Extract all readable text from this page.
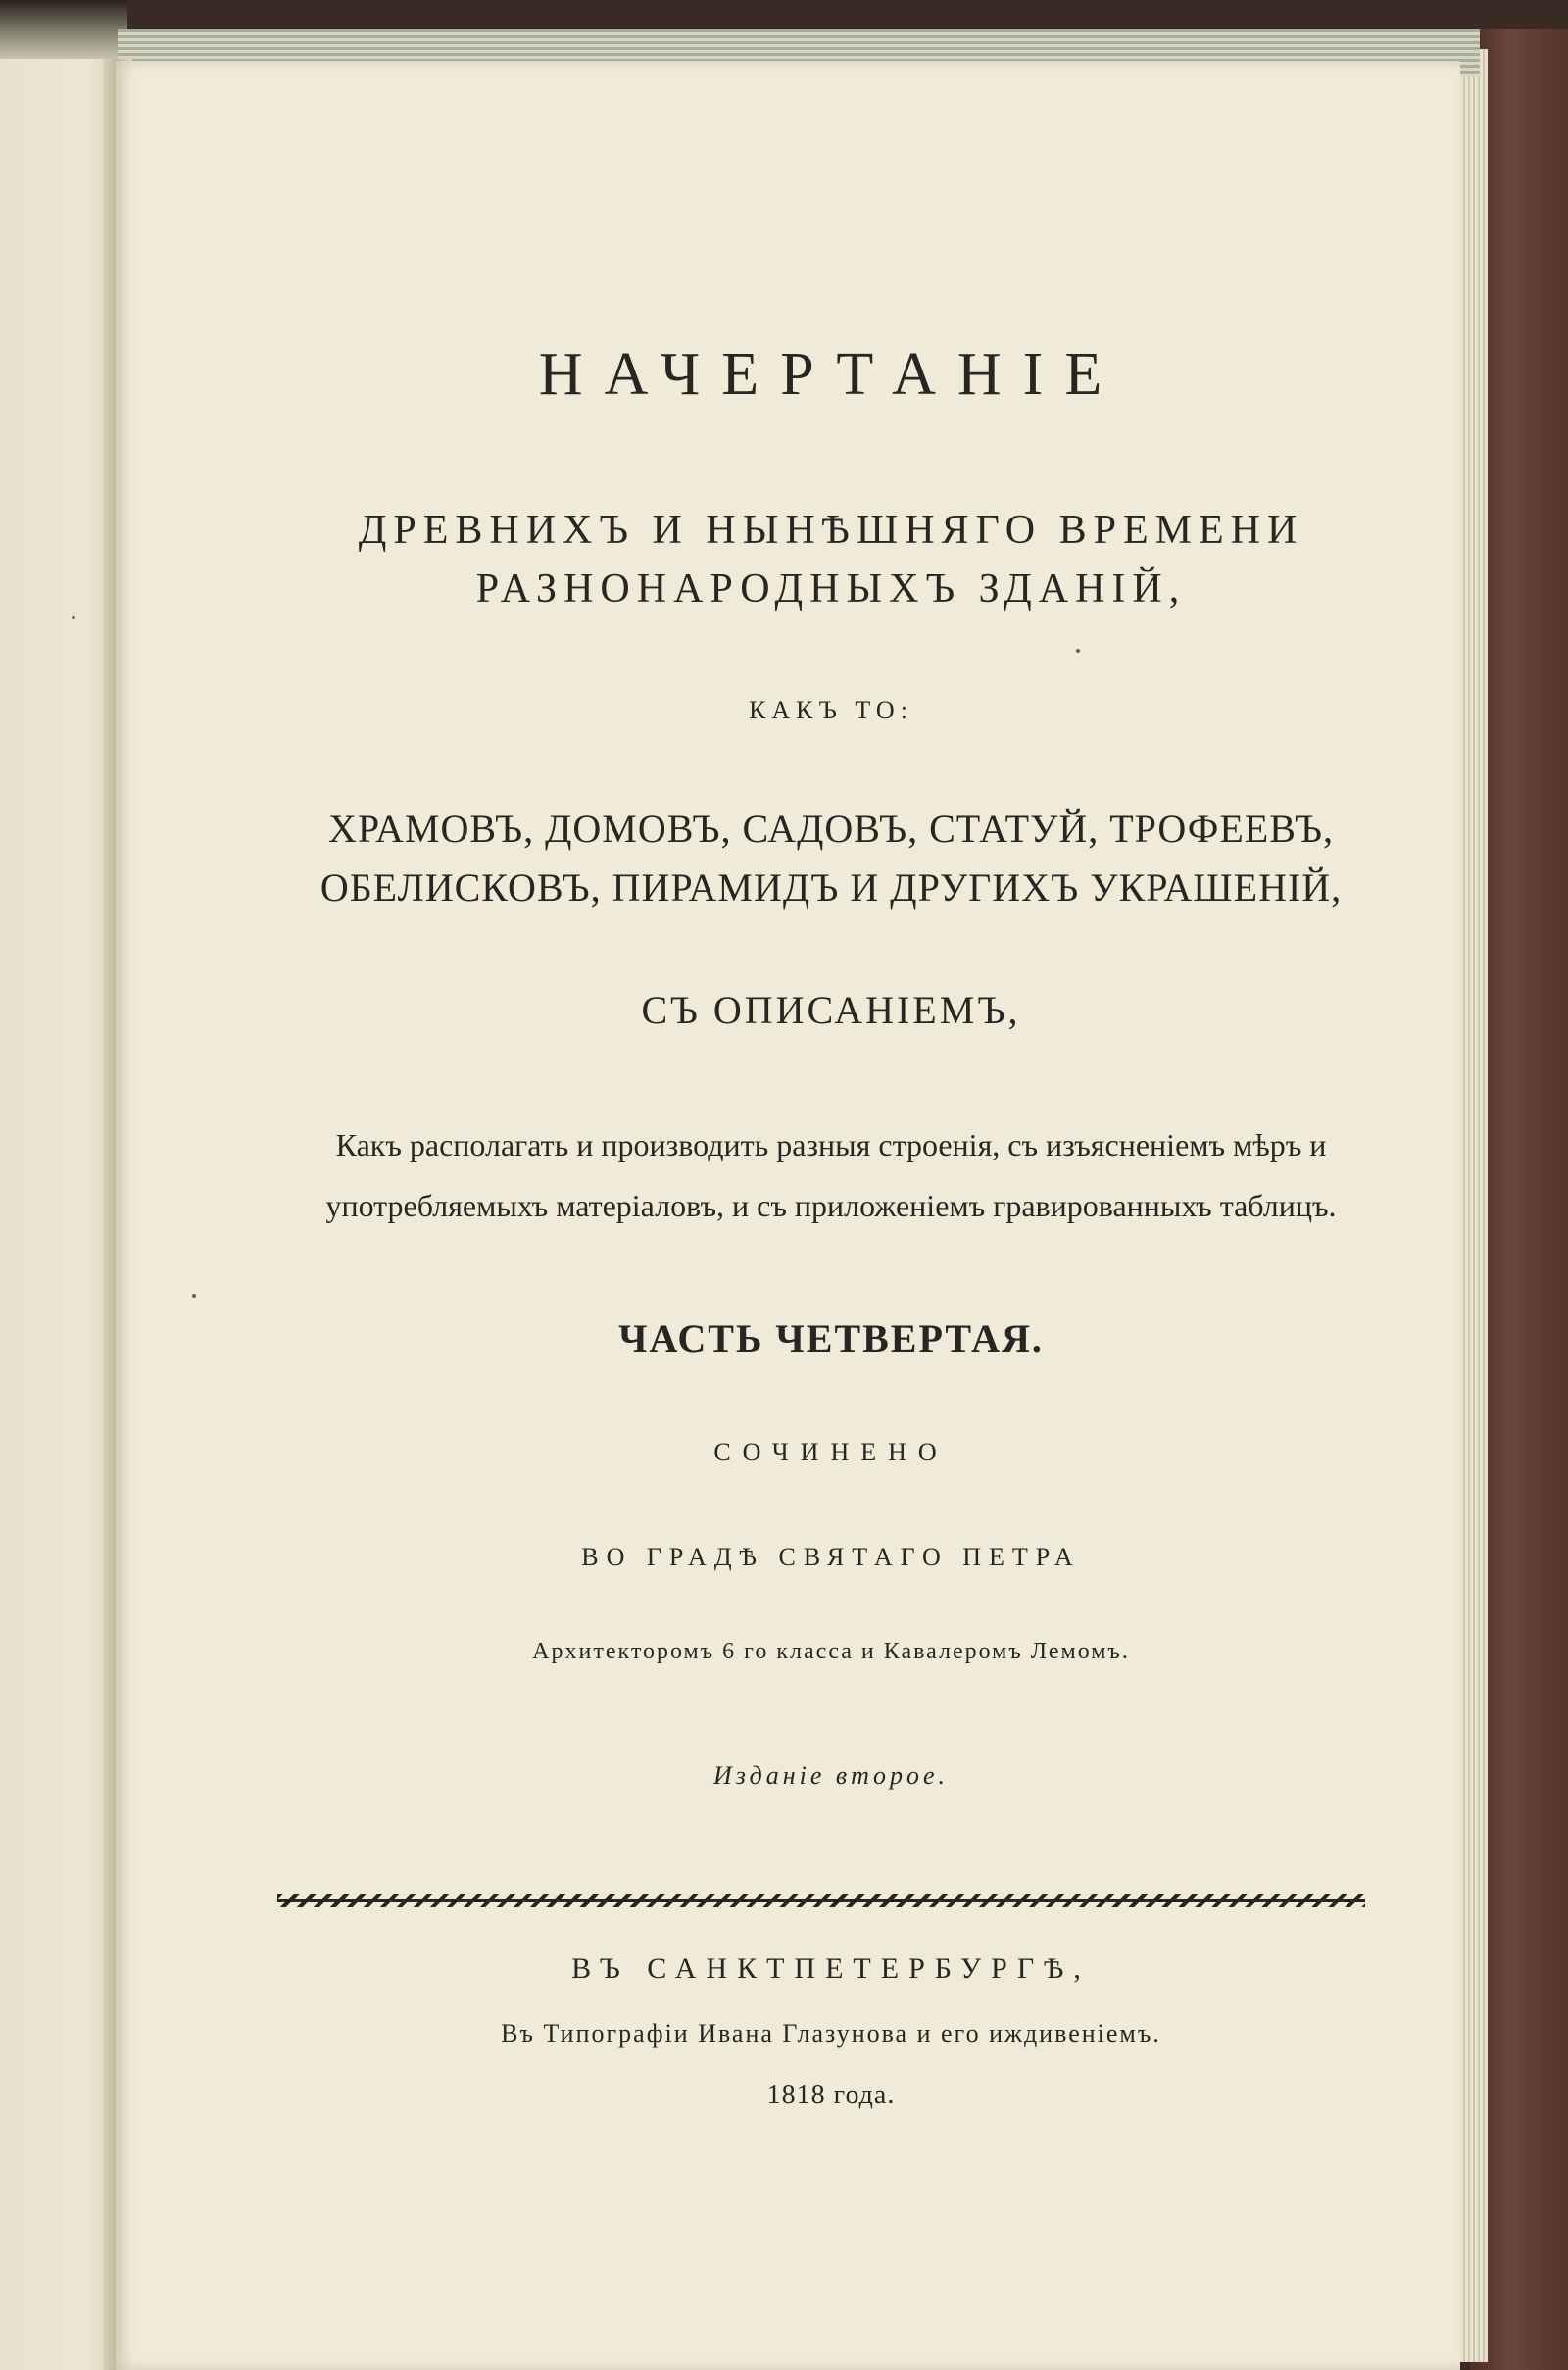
НАЧЕРТАНІЕ
ДРЕВНИХЪ И НЫНѢШНЯГО ВРЕМЕНИ
РАЗНОНАРОДНЫХЪ ЗДАНІЙ,
КАКЪ ТО:
ХРАМОВЪ, ДОМОВЪ, САДОВЪ, СТАТУЙ, ТРОФЕЕВЪ,
ОБЕЛИСКОВЪ, ПИРАМИДЪ И ДРУГИХЪ УКРАШЕНІЙ,
СЪ ОПИСАНІЕМЪ,
Какъ располагать и производить разныя строенія, съ изъясненіемъ мѣръ и
употребляемыхъ матеріаловъ, и съ приложеніемъ гравированныхъ таблицъ.
ЧАСТЬ ЧЕТВЕРТАЯ.
СОЧИНЕНО
ВО ГРАДѢ СВЯТАГО ПЕТРА
Архитекторомъ 6 го класса и Кавалеромъ Лемомъ.
Изданіе второе.
ВЪ САНКТПЕТЕРБУРГѢ,
Въ Типографіи Ивана Глазунова и его иждивеніемъ.
1818 года.
